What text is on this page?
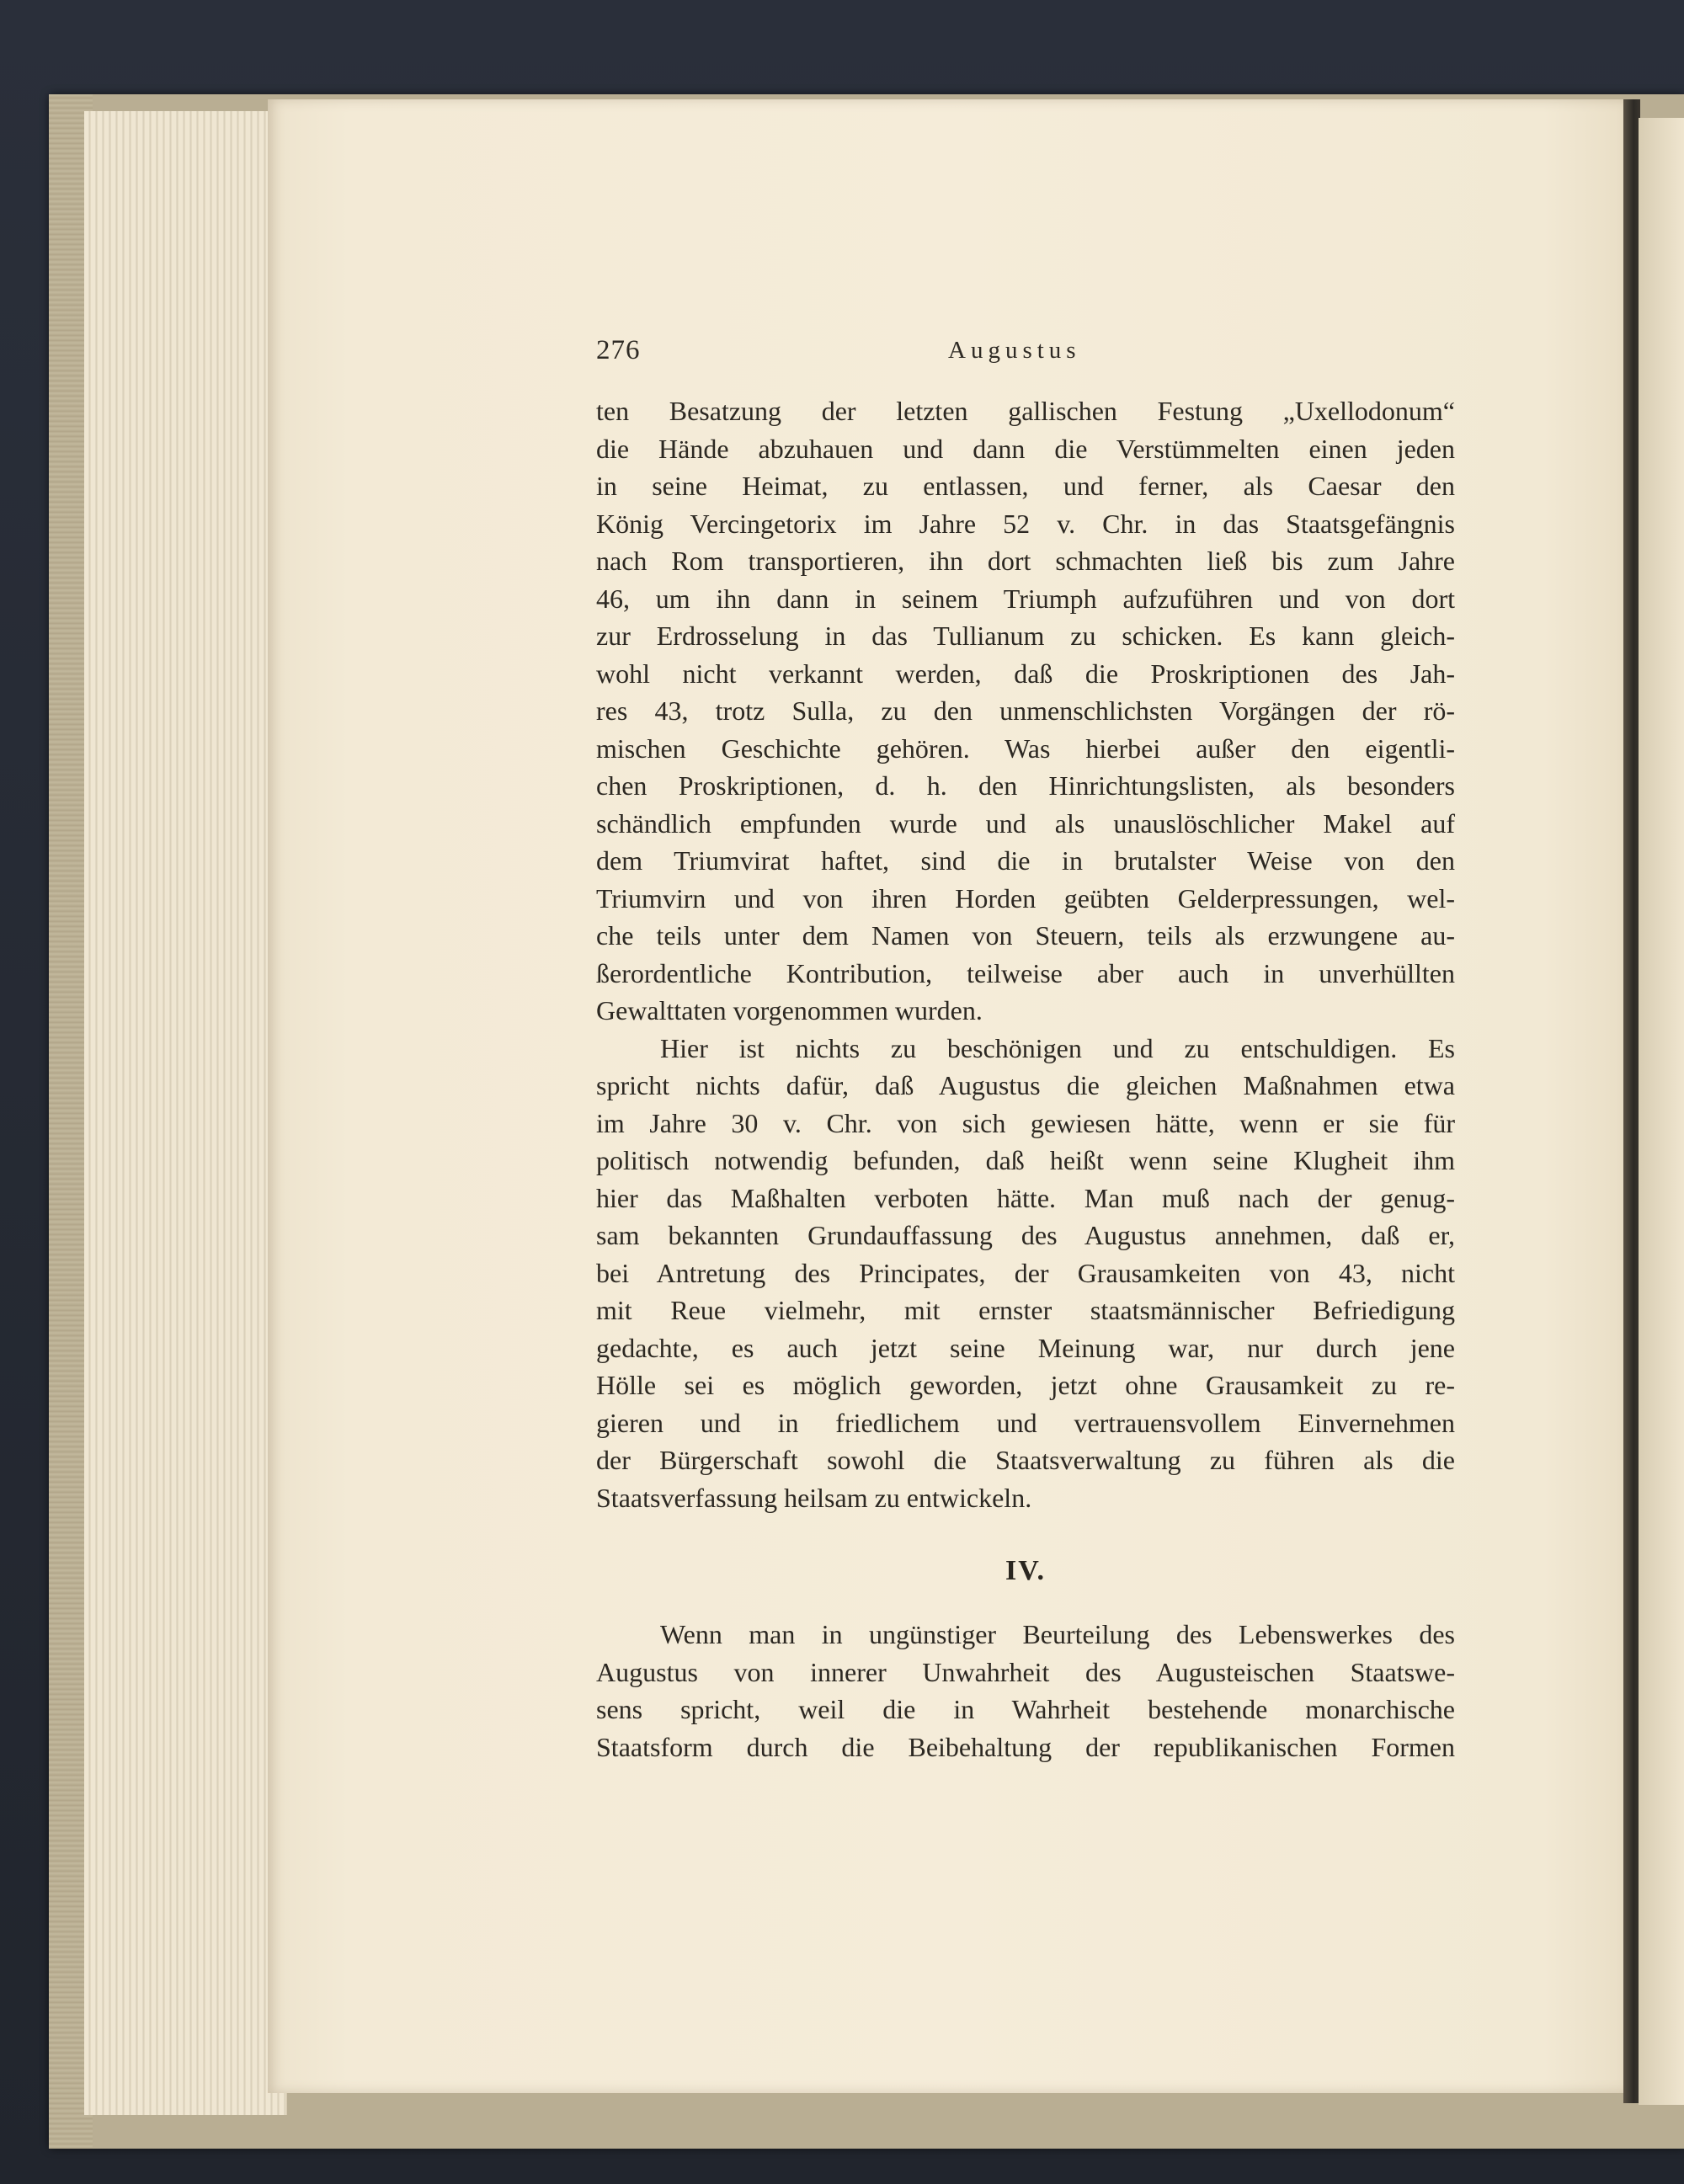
276	Augustus
ten Besatzung der letzten gallischen Festung „Uxellodonum“
die Hände abzuhauen und dann die Verstümmelten einen jeden
in seine Heimat, zu entlassen, und ferner, als Caesar den
König Vercingetorix im Jahre 52 v. Chr. in das Staatsgefängnis
nach Rom transportieren, ihn dort schmachten ließ bis zum Jahre
46, um ihn dann in seinem Triumph aufzuführen und von dort
zur Erdrosselung in das Tullianum zu schicken. Es kann gleich-
wohl nicht verkannt werden, daß die Proskriptionen des Jah-
res 43, trotz Sulla, zu den unmenschlichsten Vorgängen der rö-
mischen Geschichte gehören. Was hierbei außer den eigentli-
chen Proskriptionen, d. h. den Hinrichtungslisten, als besonders
schändlich empfunden wurde und als unauslöschlicher Makel auf
dem Triumvirat haftet, sind die in brutalster Weise von den
Triumvirn und von ihren Horden geübten Gelderpressungen, wel-
che teils unter dem Namen von Steuern, teils als erzwungene au-
ßerordentliche Kontribution, teilweise aber auch in unverhüllten
Gewalttaten vorgenommen wurden.
Hier ist nichts zu beschönigen und zu entschuldigen. Es
spricht nichts dafür, daß Augustus die gleichen Maßnahmen etwa
im Jahre 30 v. Chr. von sich gewiesen hätte, wenn er sie für
politisch notwendig befunden, daß heißt wenn seine Klugheit ihm
hier das Maßhalten verboten hätte. Man muß nach der genug-
sam bekannten Grundauffassung des Augustus annehmen, daß er,
bei Antretung des Principates, der Grausamkeiten von 43, nicht
mit Reue vielmehr, mit ernster staatsmännischer Befriedigung
gedachte, es auch jetzt seine Meinung war, nur durch jene
Hölle sei es möglich geworden, jetzt ohne Grausamkeit zu re-
gieren und in friedlichem und vertrauensvollem Einvernehmen
der Bürgerschaft sowohl die Staatsverwaltung zu führen als die
Staatsverfassung heilsam zu entwickeln.
IV.
Wenn man in ungünstiger Beurteilung des Lebenswerkes des
Augustus von innerer Unwahrheit des Augusteischen Staatswe-
sens spricht, weil die in Wahrheit bestehende monarchische
Staatsform durch die Beibehaltung der republikanischen Formen
